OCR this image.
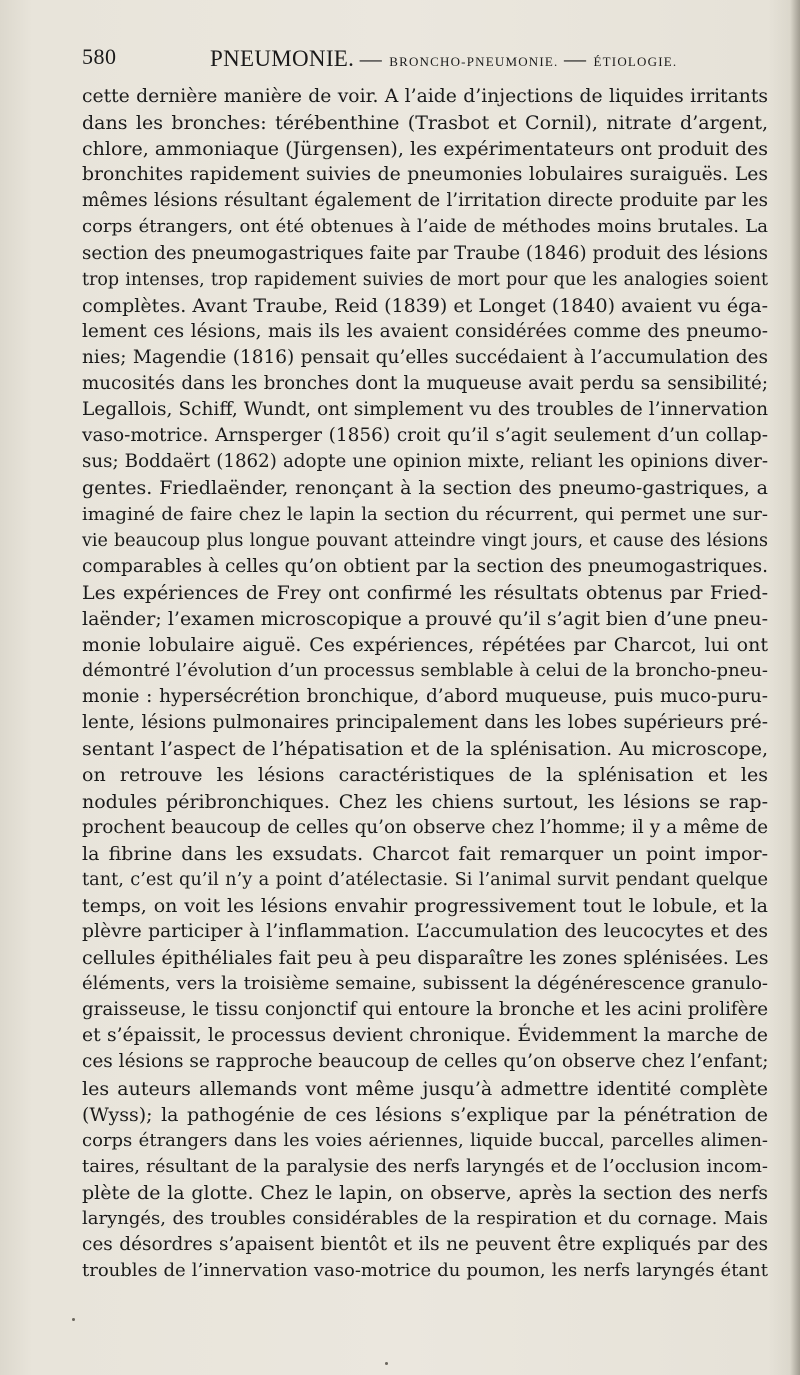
580	PNEUMONIE. — BRONCHO-PNEUMONIE. — ÉTIOLOGIE.
cette dernière manière de voir. A l’aide d’injections de liquides irritants
dans les bronches: térébenthine (Trasbot et Cornil), nitrate d’argent,
chlore, ammoniaque (Jürgensen), les expérimentateurs ont produit des
bronchites rapidement suivies de pneumonies lobulaires suraiguës. Les
mêmes lésions résultant également de l’irritation directe produite par les
corps étrangers, ont été obtenues à l’aide de méthodes moins brutales. La
section des pneumogastriques faite par Traube (1846) produit des lésions
trop intenses, trop rapidement suivies de mort pour que les analogies soient
complètes. Avant Traube, Reid (1839) et Longet (1840) avaient vu éga-
lement ces lésions, mais ils les avaient considérées comme des pneumo-
nies; Magendie (1816) pensait qu’elles succédaient à l’accumulation des
mucosités dans les bronches dont la muqueuse avait perdu sa sensibilité;
Legallois, Schiff, Wundt, ont simplement vu des troubles de l’innervation
vaso-motrice. Arnsperger (1856) croit qu’il s’agit seulement d’un collap-
sus; Boddaërt (1862) adopte une opinion mixte, reliant les opinions diver-
gentes. Friedlaënder, renonçant à la section des pneumo-gastriques, a
imaginé de faire chez le lapin la section du récurrent, qui permet une sur-
vie beaucoup plus longue pouvant atteindre vingt jours, et cause des lésions
comparables à celles qu’on obtient par la section des pneumogastriques.
Les expériences de Frey ont confirmé les résultats obtenus par Fried-
laënder; l’examen microscopique a prouvé qu’il s’agit bien d’une pneu-
monie lobulaire aiguë. Ces expériences, répétées par Charcot, lui ont
démontré l’évolution d’un processus semblable à celui de la broncho-pneu-
monie : hypersécrétion bronchique, d’abord muqueuse, puis muco-puru-
lente, lésions pulmonaires principalement dans les lobes supérieurs pré-
sentant l’aspect de l’hépatisation et de la splénisation. Au microscope,
on retrouve les lésions caractéristiques de la splénisation et les
nodules péribronchiques. Chez les chiens surtout, les lésions se rap-
prochent beaucoup de celles qu’on observe chez l’homme; il y a même de
la fibrine dans les exsudats. Charcot fait remarquer un point impor-
tant, c’est qu’il n’y a point d’atélectasie. Si l’animal survit pendant quelque
temps, on voit les lésions envahir progressivement tout le lobule, et la
plèvre participer à l’inflammation. L’accumulation des leucocytes et des
cellules épithéliales fait peu à peu disparaître les zones splénisées. Les
éléments, vers la troisième semaine, subissent la dégénérescence granulo-
graisseuse, le tissu conjonctif qui entoure la bronche et les acini prolifère
et s’épaissit, le processus devient chronique. Évidemment la marche de
ces lésions se rapproche beaucoup de celles qu’on observe chez l’enfant;
les auteurs allemands vont même jusqu’à admettre identité complète
(Wyss); la pathogénie de ces lésions s’explique par la pénétration de
corps étrangers dans les voies aériennes, liquide buccal, parcelles alimen-
taires, résultant de la paralysie des nerfs laryngés et de l’occlusion incom-
plète de la glotte. Chez le lapin, on observe, après la section des nerfs
laryngés, des troubles considérables de la respiration et du cornage. Mais
ces désordres s’apaisent bientôt et ils ne peuvent être expliqués par des
troubles de l’innervation vaso-motrice du poumon, les nerfs laryngés étant
